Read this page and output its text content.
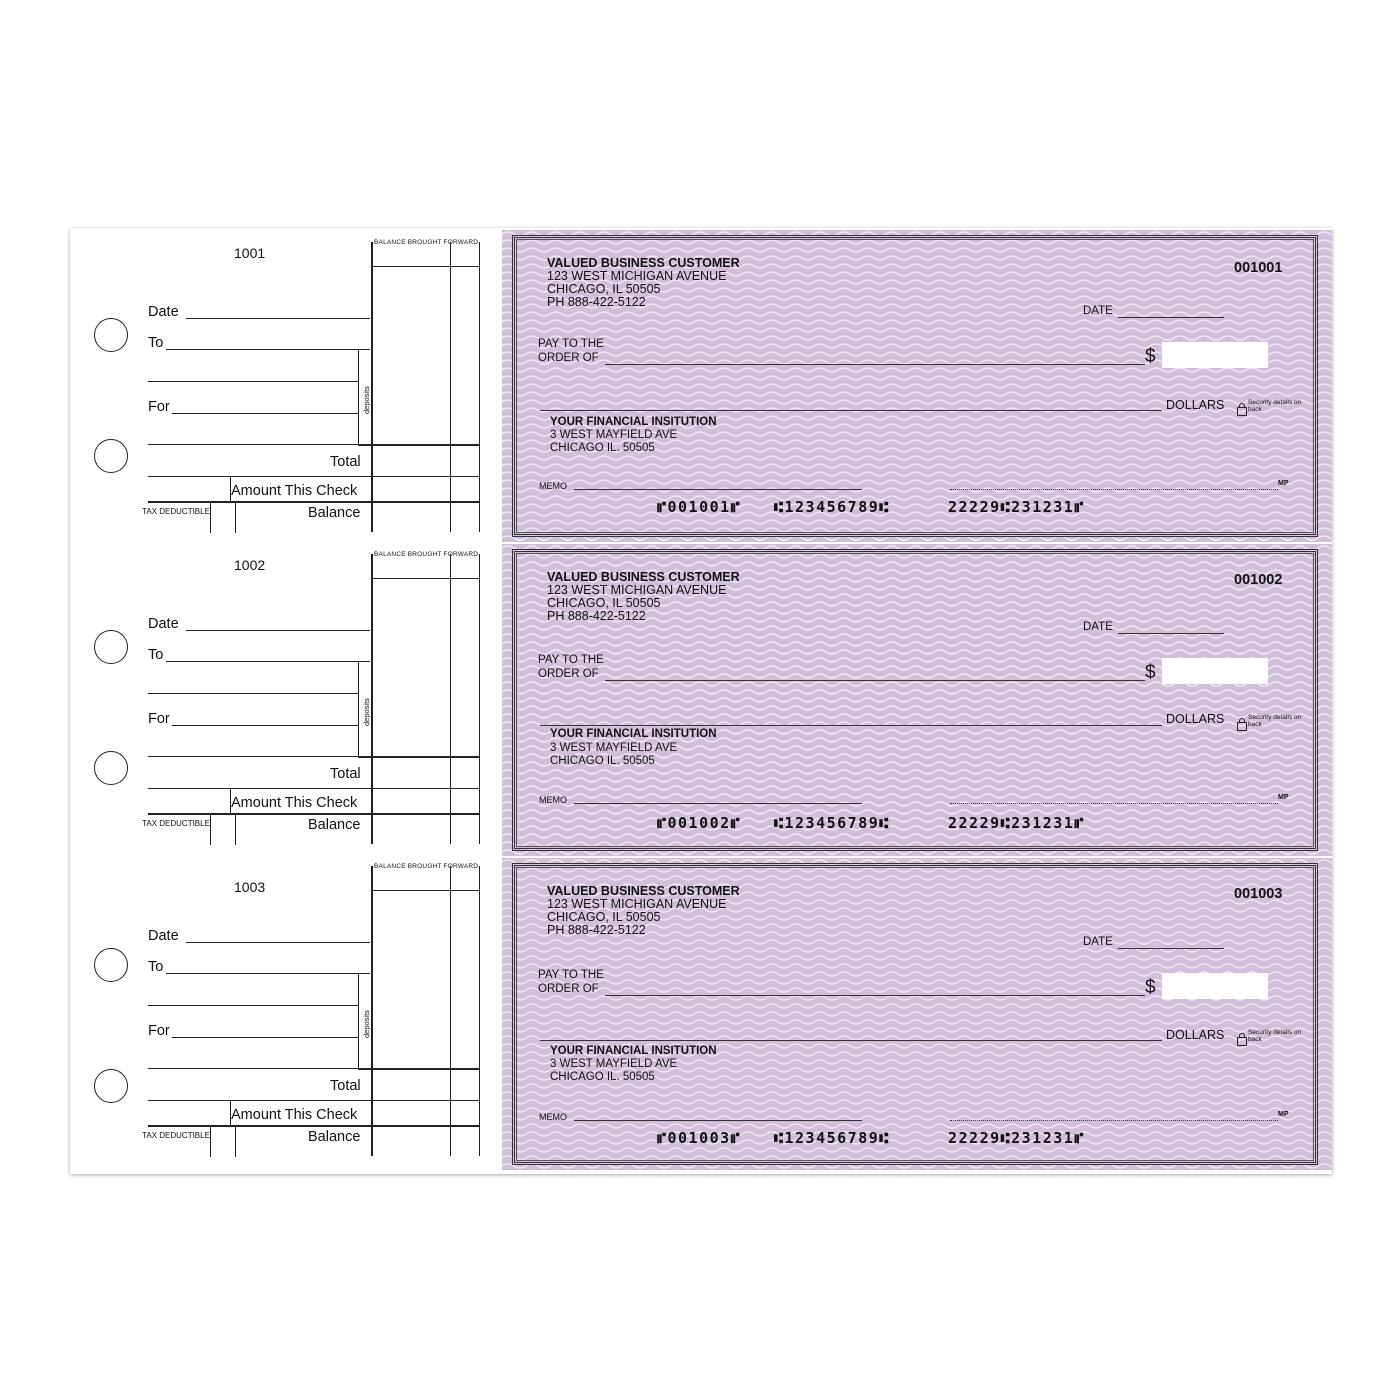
1001
Date
To
For	deposits
BALANCE BROUGHT FORWARD
Total
Amount This Check
TAX DEDUCTIBLE	Balance
1002
Date
To
For	deposits
BALANCE BROUGHT FORWARD
Total
Amount This Check
TAX DEDUCTIBLE	Balance
1003
Date
To
For	deposits
BALANCE BROUGHT FORWARD
Total
Amount This Check
TAX DEDUCTIBLE	Balance
VALUED BUSINESS CUSTOMER
123 WEST MICHIGAN AVENUE
CHICAGO, IL 50505
PH 888-422-5122
001001
DATE
PAY TO THE
ORDER OF	$
DOLLARS	Security details on back
YOUR FINANCIAL INSITUTION
3 WEST MAYFIELD AVE
CHICAGO IL. 50505
MEMO	MP
⑈001001⑈ ⑆123456789⑆	22229⑆231231⑈
VALUED BUSINESS CUSTOMER
123 WEST MICHIGAN AVENUE
CHICAGO, IL 50505
PH 888-422-5122
001002
DATE
PAY TO THE
ORDER OF	$
DOLLARS	Security details on back
YOUR FINANCIAL INSITUTION
3 WEST MAYFIELD AVE
CHICAGO IL. 50505
MEMO	MP
⑈001002⑈ ⑆123456789⑆	22229⑆231231⑈
VALUED BUSINESS CUSTOMER
123 WEST MICHIGAN AVENUE
CHICAGO, IL 50505
PH 888-422-5122
001003
DATE
PAY TO THE
ORDER OF	$
DOLLARS	Security details on back
YOUR FINANCIAL INSITUTION
3 WEST MAYFIELD AVE
CHICAGO IL. 50505
MEMO	MP
⑈001003⑈ ⑆123456789⑆	22229⑆231231⑈
